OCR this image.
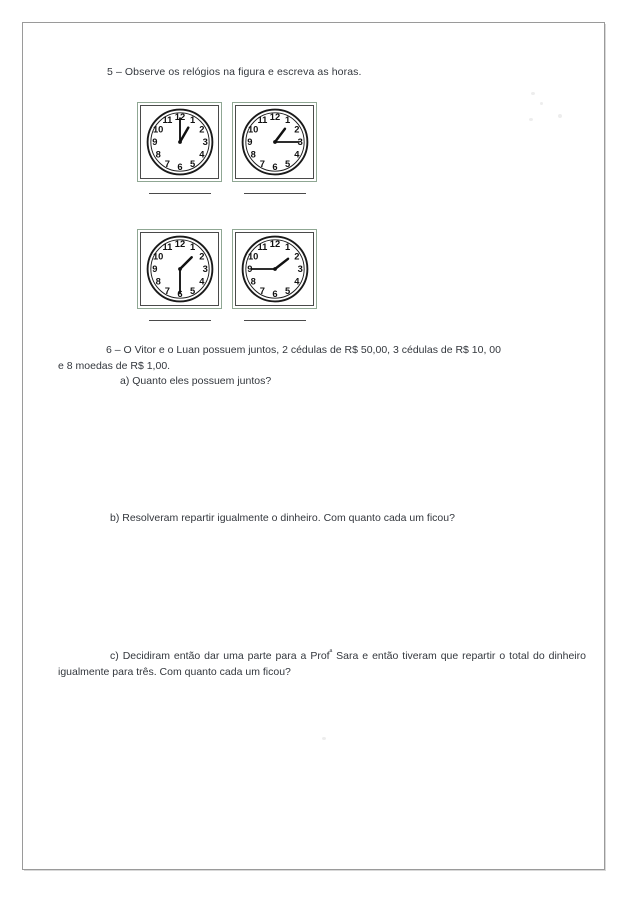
5 – Observe os relógios na figura e escreva as horas.
12 1
2
3
4
5
6
7
8
9
10
11	12 1
2
3
4
5
6
7
8
9
10
11
12 1
2
3
4
5
6
7
8
9
10
11	12 1
2
3
4
5
6
7
8
9
10
11

6 – O Vitor e o Luan possuem juntos, 2 cédulas de R$ 50,00, 3 cédulas de R$ 10, 00

e 8 moedas de R$ 1,00.

a) Quanto eles possuem juntos?

b) Resolveram repartir igualmente o dinheiro. Com quanto cada um ficou?

c) Decidiram então dar uma parte para a Prof$^ª$ Sara e então tiveram que repartir o total do dinheiro igualmente para três. Com quanto cada um ficou?
